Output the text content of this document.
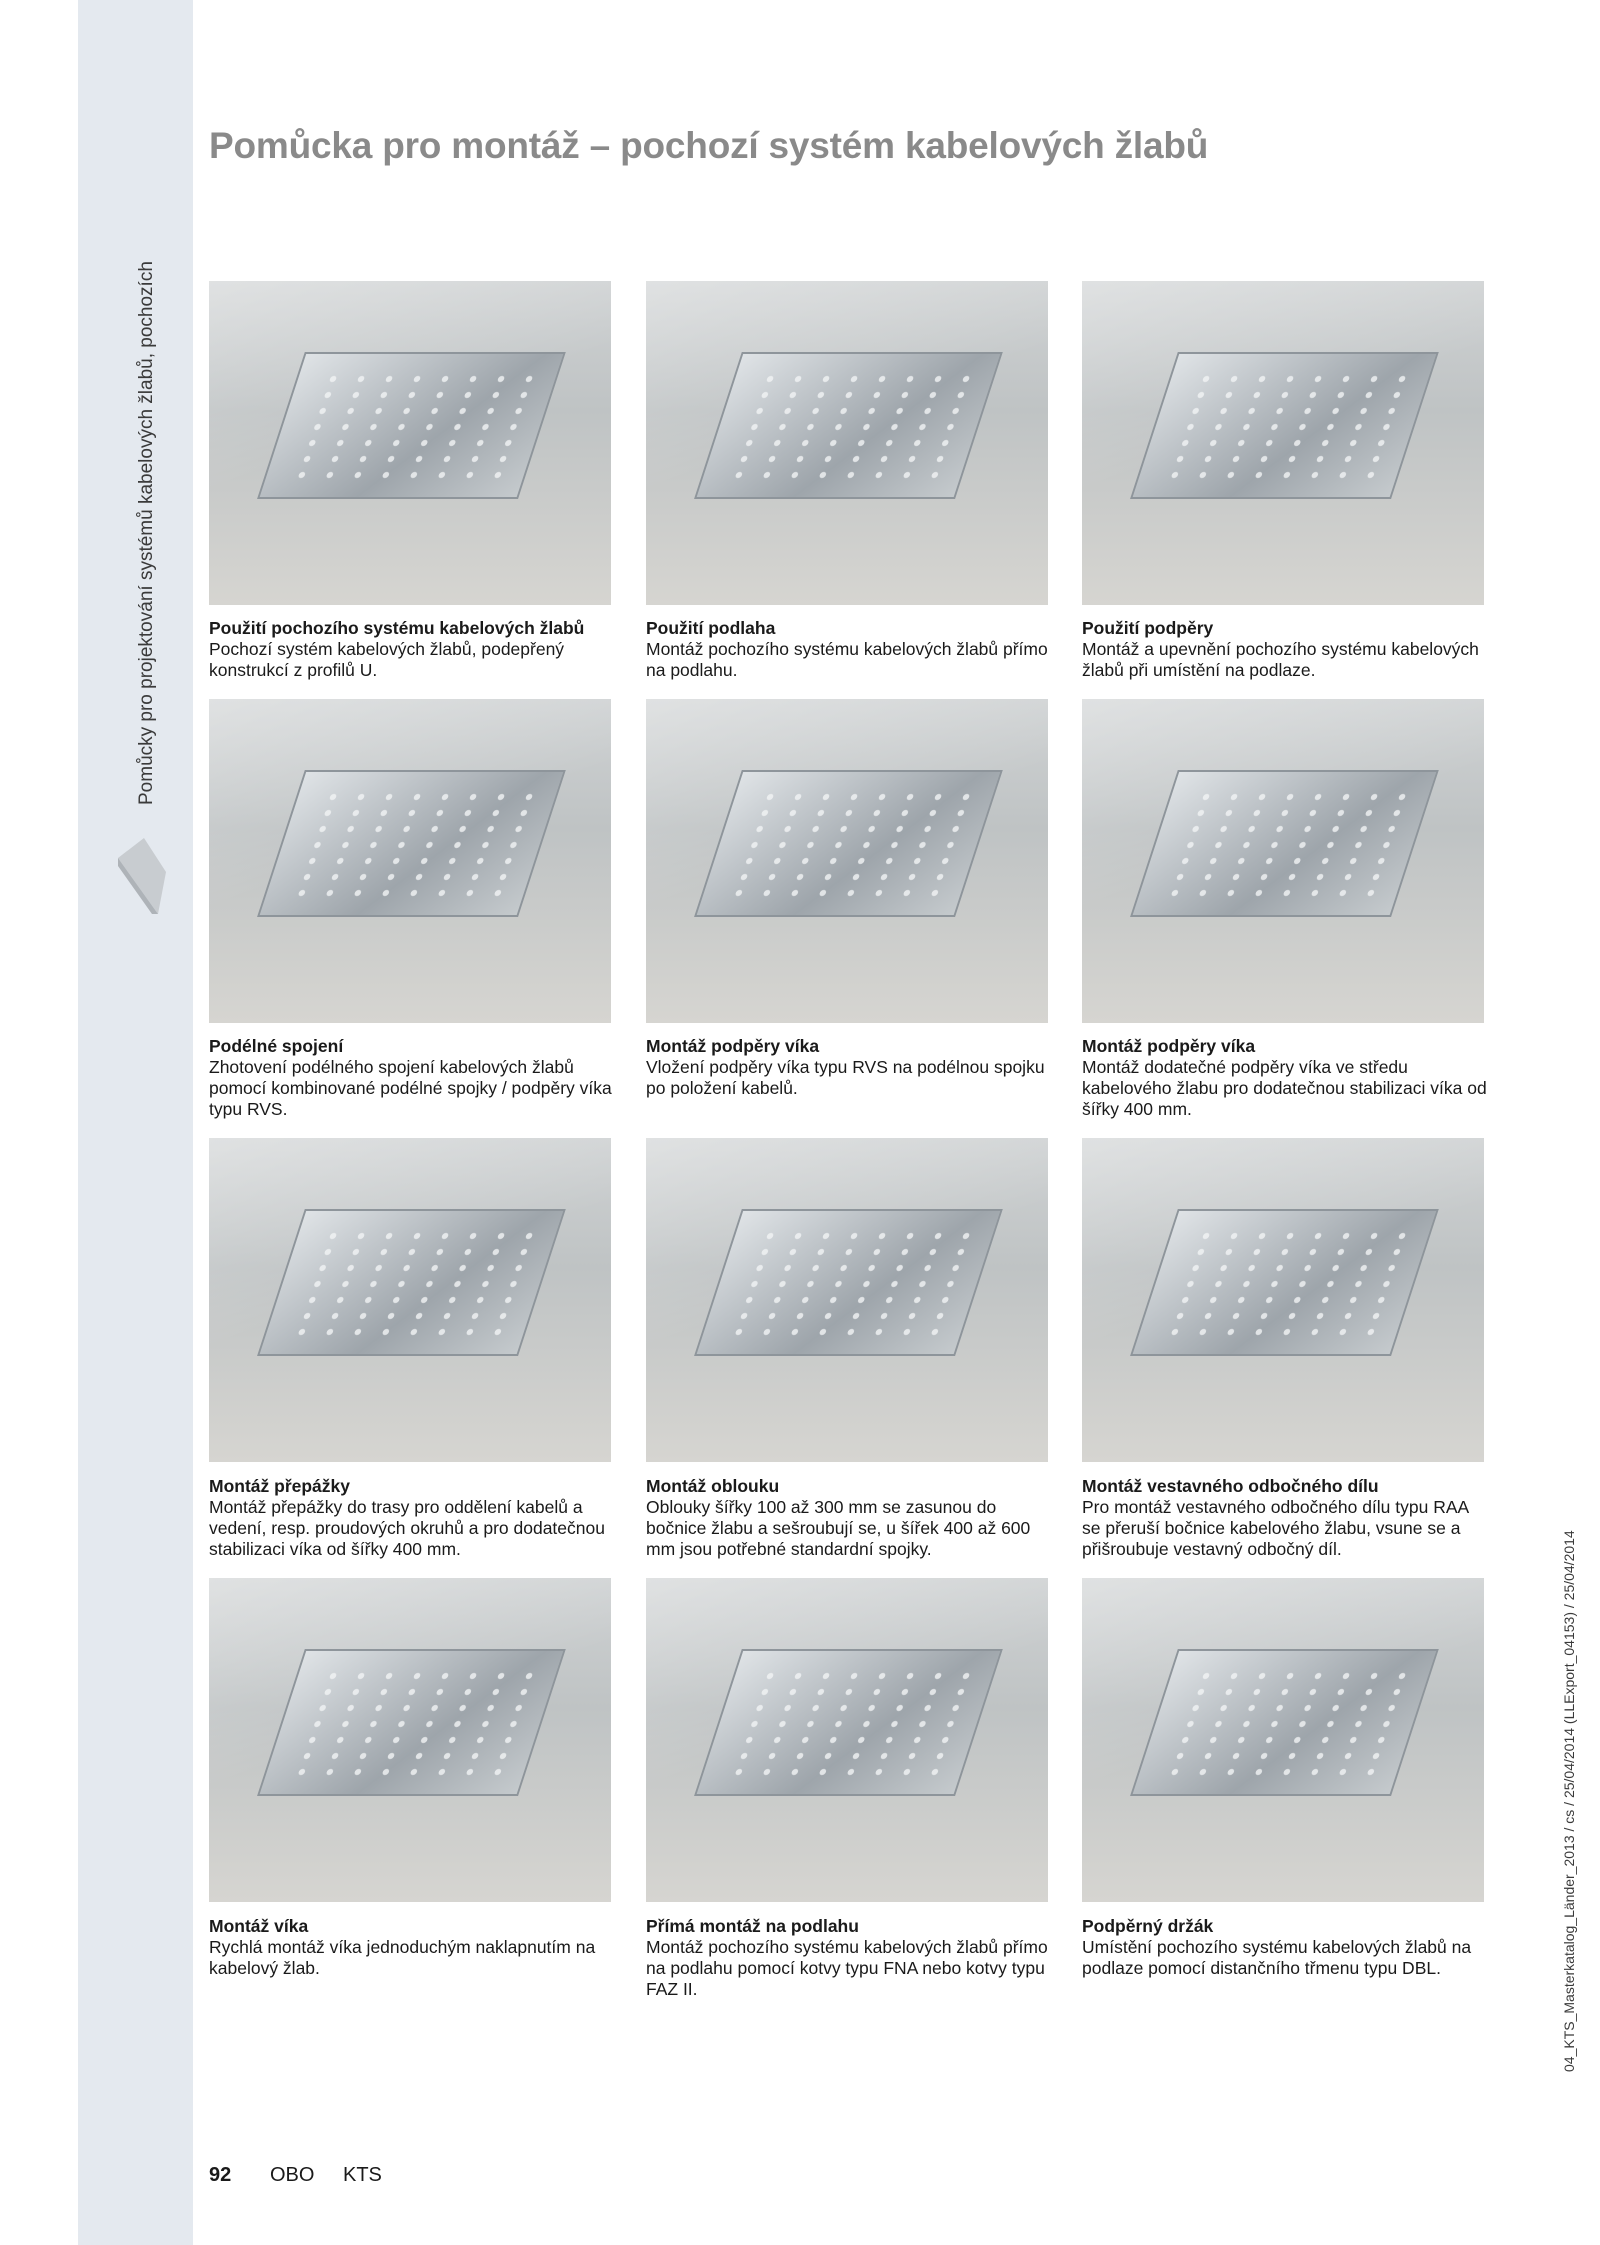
Pomůcky pro projektování systémů kabelových žlabů, pochozích
Pomůcka pro montáž – pochozí systém kabelových žlabů
Použití pochozího systému kabelových žlabů
Pochozí systém kabelových žlabů, podepřený konstrukcí z profilů U.
Použití podlaha
Montáž pochozího systému kabelových žlabů přímo na podlahu.
Použití podpěry
Montáž a upevnění pochozího systému kabelových žlabů při umístění na podlaze.
Podélné spojení
Zhotovení podélného spojení kabelových žlabů pomocí kombinované podélné spojky / podpěry víka typu RVS.
Montáž podpěry víka
Vložení podpěry víka typu RVS na podélnou spojku po položení kabelů.
Montáž podpěry víka
Montáž dodatečné podpěry víka ve středu kabelového žlabu pro dodatečnou stabilizaci víka od šířky 400 mm.
Montáž přepážky
Montáž přepážky do trasy pro oddělení kabelů a vedení, resp. proudových okruhů a pro dodatečnou stabilizaci víka od šířky 400 mm.
Montáž oblouku
Oblouky šířky 100 až 300 mm se zasunou do bočnice žlabu a sešroubují se, u šířek 400 až 600 mm jsou potřebné standardní spojky.
Montáž vestavného odbočného dílu
Pro montáž vestavného odbočného dílu typu RAA se přeruší bočnice kabelového žlabu, vsune se a přišroubuje vestavný odbočný díl.
Montáž víka
Rychlá montáž víka jednoduchým naklapnutím na kabelový žlab.
Přímá montáž na podlahu
Montáž pochozího systému kabelových žlabů přímo na podlahu pomocí kotvy typu FNA nebo kotvy typu FAZ II.
Podpěrný držák
Umístění pochozího systému kabelových žlabů na podlaze pomocí distančního třmenu typu DBL.	04_KTS_Masterkatalog_Länder_2013 / cs / 25/04/2014 (LLExport_04153) / 25/04/2014
92 OBO KTS
